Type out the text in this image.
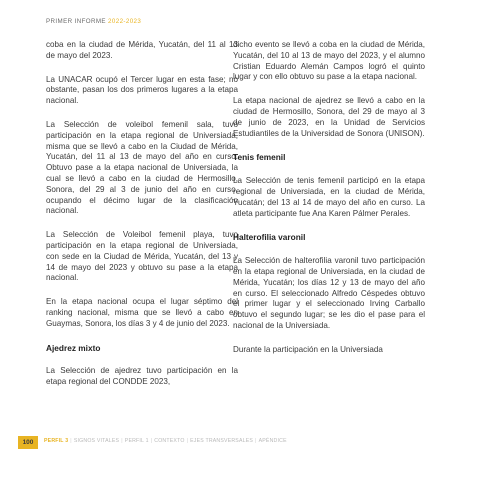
PRIMER INFORME 2022-2023

coba en la ciudad de Mérida, Yucatán, del 11 al 13 de mayo del 2023.

La UNACAR ocupó el Tercer lugar en esta fase; no obstante, pasan los dos primeros lugares a la etapa nacional.

La Selección de voleibol femenil sala, tuvo participación en la etapa regional de Universiada, misma que se llevó a cabo en la Ciudad de Mérida, Yucatán, del 11 al 13 de mayo del año en curso. Obtuvo pase a la etapa nacional de Universiada, la cual se llevó a cabo en la ciudad de Hermosillo, Sonora, del 29 al 3 de junio del año en curso, ocupando el décimo lugar de la clasificación nacional.

La Selección de Voleibol femenil playa, tuvo participación en la etapa regional de Universiada, con sede en la Ciudad de Mérida, Yucatán, del 13 y 14 de mayo del 2023 y obtuvo su pase a la etapa nacional.

En la etapa nacional ocupa el lugar séptimo del ranking nacional, misma que se llevó a cabo en Guaymas, Sonora, los días 3 y 4 de junio del 2023.

Ajedrez mixto

La Selección de ajedrez tuvo participación en la etapa regional del CONDDE 2023,

dicho evento se llevó a coba en la ciudad de Mérida, Yucatán, del 10 al 13 de mayo del 2023, y el alumno Cristian Eduardo Alemán Campos logró el quinto lugar y con ello obtuvo su pase a la etapa nacional.

La etapa nacional de ajedrez se llevó a cabo en la ciudad de Hermosillo, Sonora, del 29 de mayo al 3 de junio de 2023, en la Unidad de Servicios Estudiantiles de la Universidad de Sonora (UNISON).

Tenis femenil

La Selección de tenis femenil participó en la etapa regional de Universiada, en la ciudad de Mérida, Yucatán; del 13 al 14 de mayo del año en curso. La atleta participante fue Ana Karen Pálmer Perales.

Halterofilia varonil

La Selección de halterofilia varonil tuvo participación en la etapa regional de Universiada, en la ciudad de Mérida, Yucatán; los días 12 y 13 de mayo del año en curso. El seleccionado Alfredo Céspedes obtuvo el primer lugar y el seleccionado Irving Carballo obtuvo el segundo lugar; se les dio el pase para el nacional de la Universiada.

Durante la participación en la Universiada

100	PERFIL 3 | SIGNOS VITALES | PERFIL 1 | CONTEXTO | EJES TRANSVERSALES | APÉNDICE
